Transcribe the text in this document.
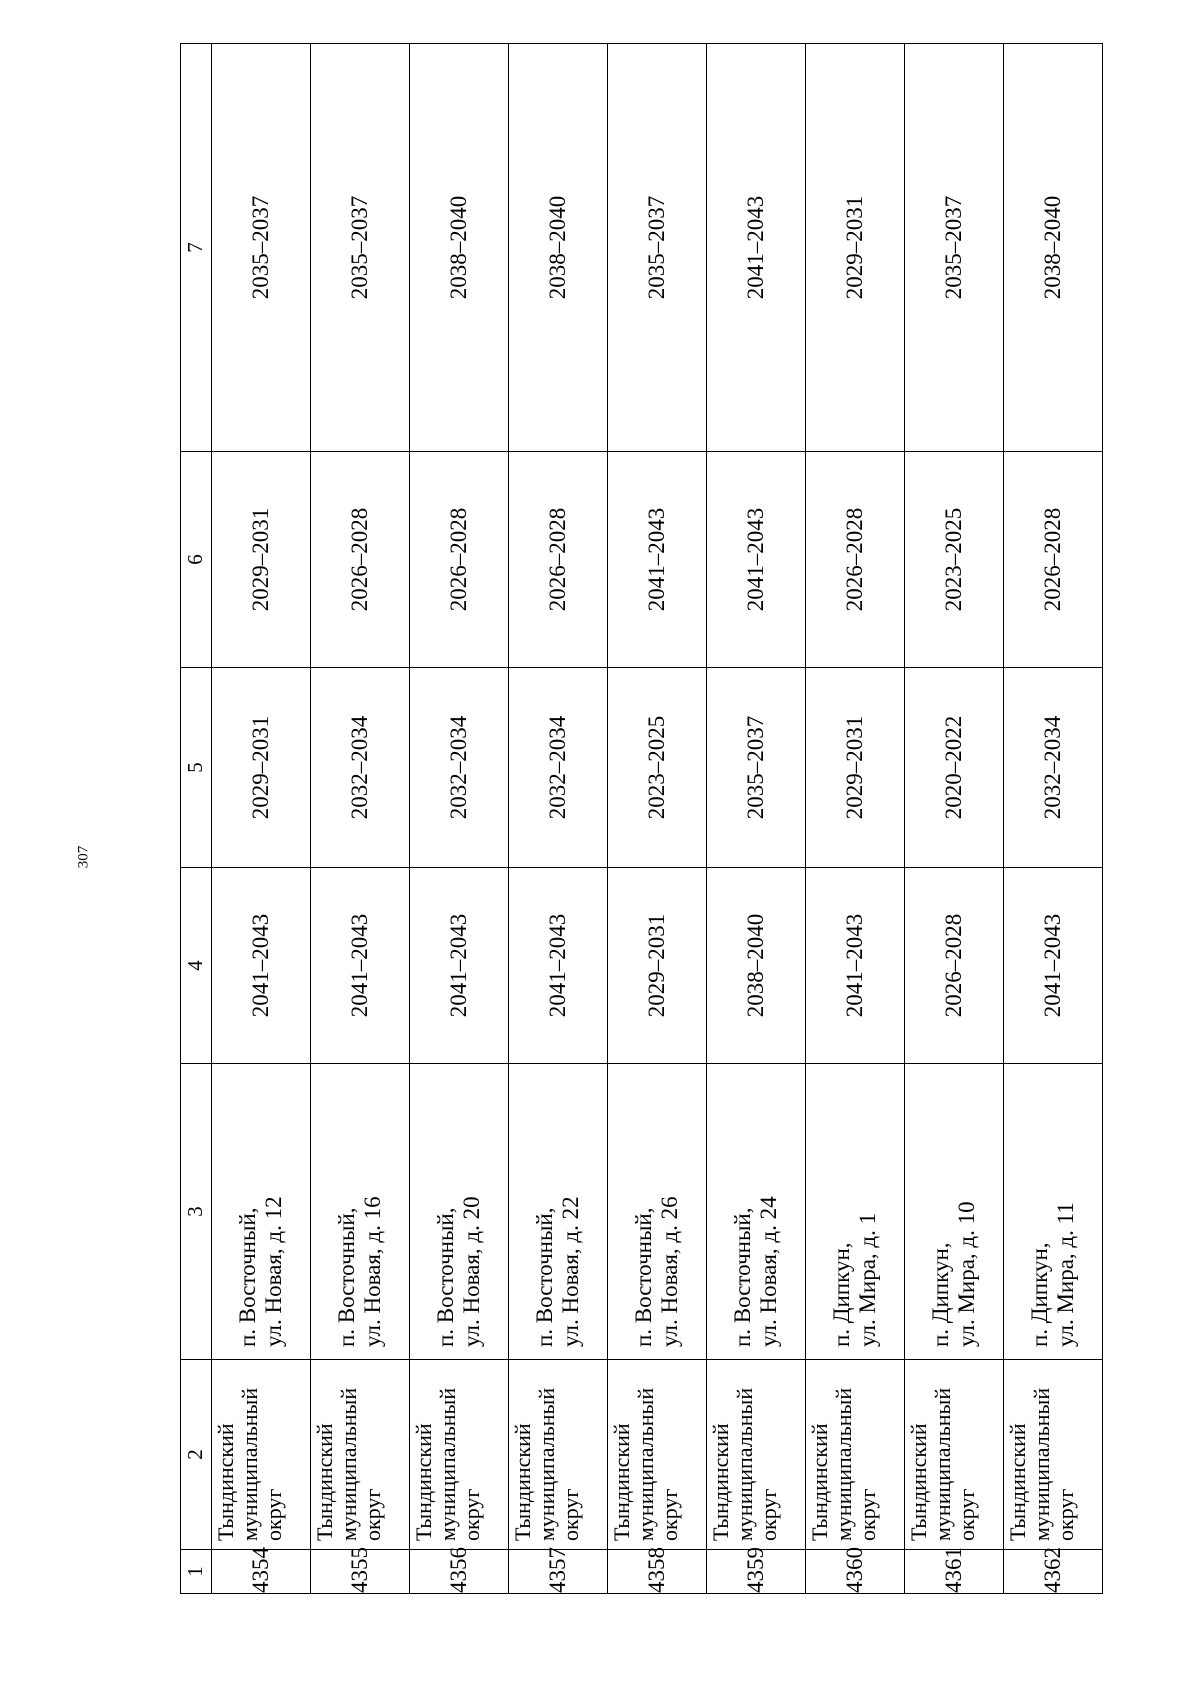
307
1	2	3	4	5	6	7
4354	Тындинский
муниципальный
округ	п. Восточный, ул. Новая, д. 12	2041–2043	2029–2031	2029–2031	2035–2037
4355	Тындинский
муниципальный
округ	п. Восточный, ул. Новая, д. 16	2041–2043	2032–2034	2026–2028	2035–2037
4356	Тындинский
муниципальный
округ	п. Восточный, ул. Новая, д. 20	2041–2043	2032–2034	2026–2028	2038–2040
4357	Тындинский
муниципальный
округ	п. Восточный, ул. Новая, д. 22	2041–2043	2032–2034	2026–2028	2038–2040
4358	Тындинский
муниципальный
округ	п. Восточный, ул. Новая, д. 26	2029–2031	2023–2025	2041–2043	2035–2037
4359	Тындинский
муниципальный
округ	п. Восточный, ул. Новая, д. 24	2038–2040	2035–2037	2041–2043	2041–2043
4360	Тындинский
муниципальный
округ	п. Дипкун, ул. Мира, д. 1	2041–2043	2029–2031	2026–2028	2029–2031
4361	Тындинский
муниципальный
округ	п. Дипкун, ул. Мира, д. 10	2026–2028	2020–2022	2023–2025	2035–2037
4362	Тындинский
муниципальный
округ	п. Дипкун, ул. Мира, д. 11	2041–2043	2032–2034	2026–2028	2038–2040
